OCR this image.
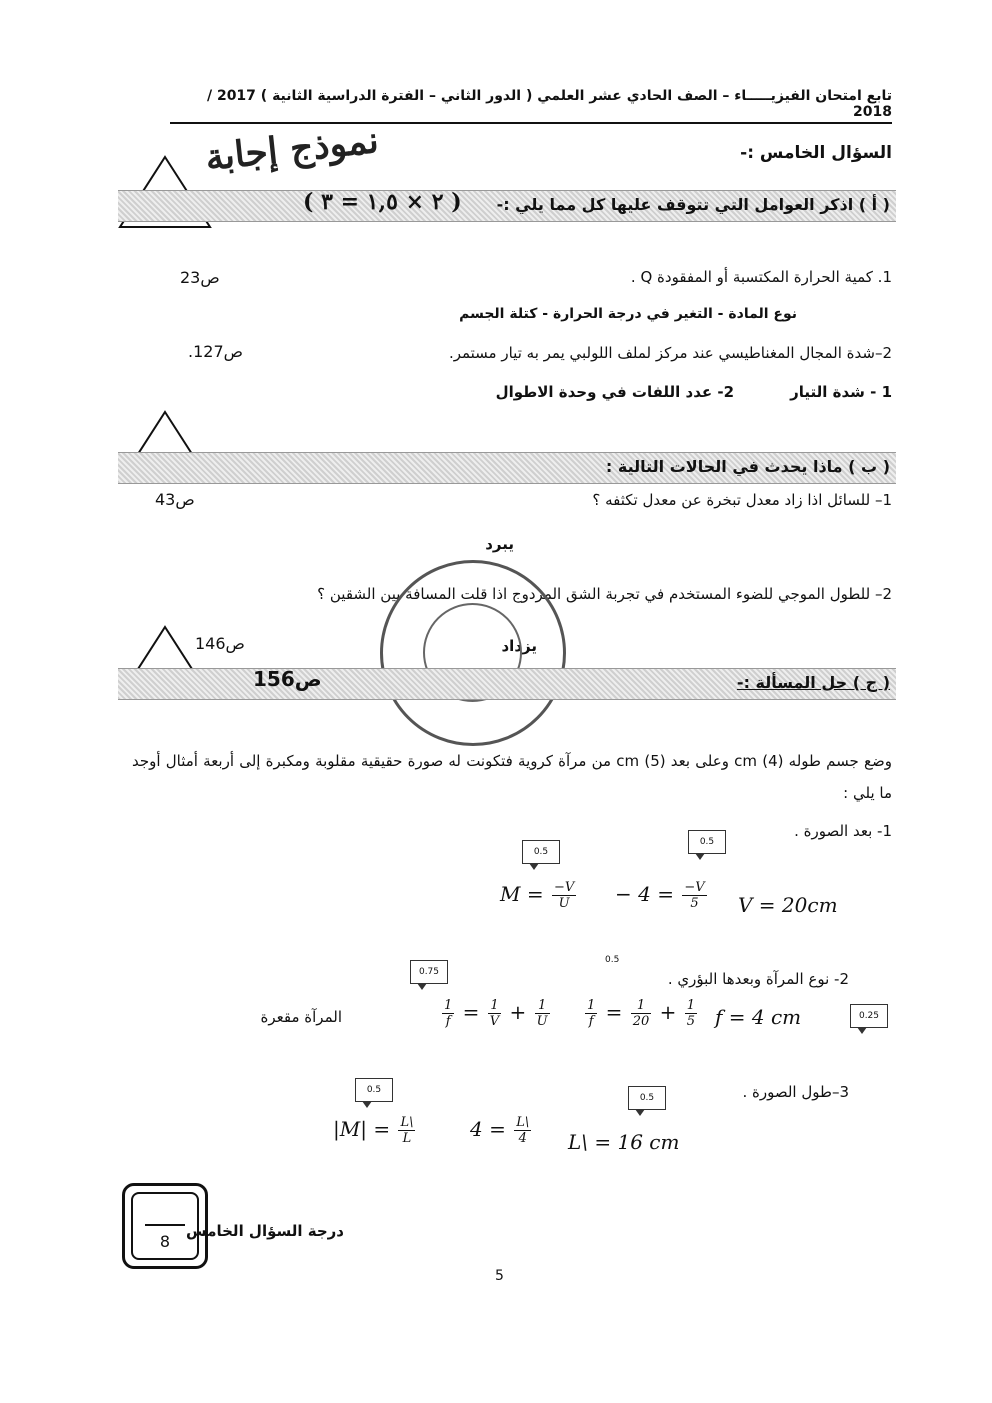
تابع امتحان الفيزيـــــاء – الصف الحادي عشر العلمي ( الدور الثاني – الفترة الدراسية الثانية ) 2017 / 2018
السؤال الخامس :-
نموذج إجابة
( أ ) اذكر العوامل التي تتوقف عليها كل مما يلي :-
( ٢ × ١,٥ = ٣ )
1. كمية الحرارة المكتسبة أو المفقودة Q .
ص23
نوع المادة - التغير في درجة الحرارة - كتلة الجسم
2–شدة المجال المغناطيسي عند مركز لملف اللولبي يمر به تيار مستمر.
ص127.
1 - شدة التيار
2- عدد اللفات في وحدة الاطوال
( ب ) ماذا يحدث في الحالات التالية :
1– للسائل اذا زاد معدل تبخرة عن معدل تكثفه ؟
ص43
يبرد
2– للطول الموجي للضوء المستخدم في تجربة الشق المزدوج اذا قلت المسافة بين الشقين ؟
ص146	يزداد
( ج ) حل المسألة :-
ص156
وضع جسم طوله cm (4) وعلى بعد cm (5) من مرآة كروية فتكونت له صورة حقيقية مقلوبة ومكبرة إلى أربعة أمثال أوجد ما يلي :
1- بعد الصورة .
0.5
0.5
$M = \frac{-V}{U} - 4 = \frac{-V}{5}$ V = 20cm
2- نوع المرآة وبعدها البؤري .
0.75
0.5
0.25
المرآة مقعرة	$\frac{1}{f} = \frac{1}{V} + \frac{1}{U}$	$\frac{1}{f} = \frac{1}{20} + \frac{1}{5}$ f = 4 cm
3–طول الصورة .
0.5
0.5
$|M| = \frac{L\backslash}{L}$	$4 = \frac{L\backslash}{4}$ L\ = 16 cm
8
درجة السؤال الخامس
5
